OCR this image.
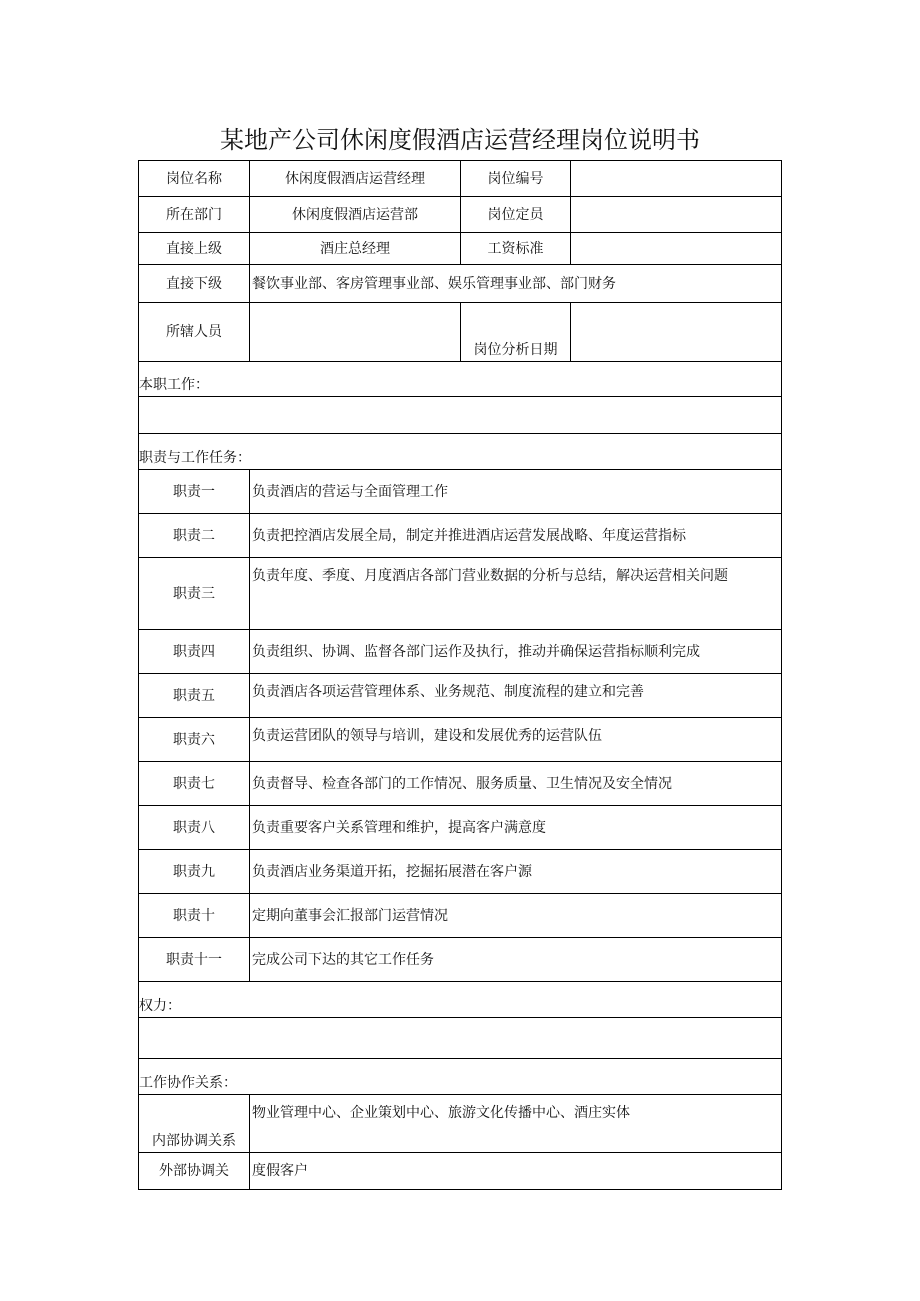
某地产公司休闲度假酒店运营经理岗位说明书
岗位名称	休闲度假酒店运营经理	岗位编号	
所在部门	休闲度假酒店运营部	岗位定员	
直接上级	酒庄总经理	工资标准	
直接下级	餐饮事业部、客房管理事业部、娱乐管理事业部、部门财务		
所辖人员		岗位分析日期	
本职工作：			

职责与工作任务：			
职责一	负责酒店的营运与全面管理工作		
职责二	负责把控酒店发展全局，制定并推进酒店运营发展战略、年度运营指标		
职责三	负责年度、季度、月度酒店各部门营业数据的分析与总结，解决运营相关问题		
职责四	负责组织、协调、监督各部门运作及执行，推动并确保运营指标顺利完成		
职责五	负责酒店各项运营管理体系、业务规范、制度流程的建立和完善		
职责六	负责运营团队的领导与培训，建设和发展优秀的运营队伍		
职责七	负责督导、检查各部门的工作情况、服务质量、卫生情况及安全情况		
职责八	负责重要客户关系管理和维护，提高客户满意度		
职责九	负责酒店业务渠道开拓，挖掘拓展潜在客户源		
职责十	定期向董事会汇报部门运营情况		
职责十一	完成公司下达的其它工作任务		
权力：			

工作协作关系：			
内部协调关系	物业管理中心、企业策划中心、旅游文化传播中心、酒庄实体		
外部协调关	度假客户		
